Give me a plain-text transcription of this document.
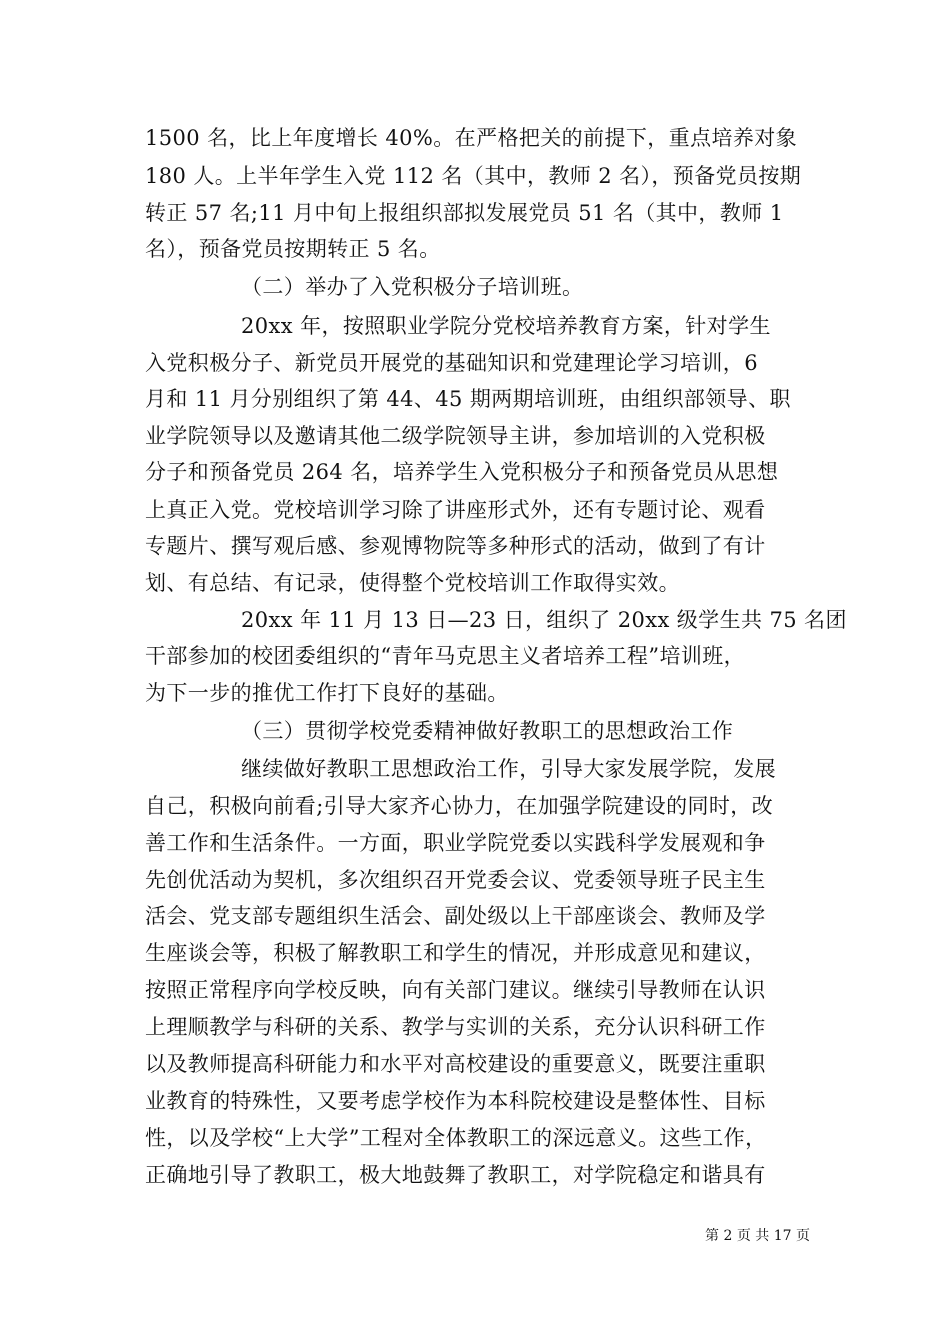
1500 名，比上年度增长 40%。在严格把关的前提下，重点培养对象
180 人。上半年学生入党 112 名（其中，教师 2 名），预备党员按期
转正 57 名;11 月中旬上报组织部拟发展党员 51 名（其中，教师 1
名），预备党员按期转正 5 名。
（二）举办了入党积极分子培训班。
20xx 年，按照职业学院分党校培养教育方案，针对学生
入党积极分子、新党员开展党的基础知识和党建理论学习培训，6
月和 11 月分别组织了第 44、45 期两期培训班，由组织部领导、职
业学院领导以及邀请其他二级学院领导主讲，参加培训的入党积极
分子和预备党员 264 名，培养学生入党积极分子和预备党员从思想
上真正入党。党校培训学习除了讲座形式外，还有专题讨论、观看
专题片、撰写观后感、参观博物院等多种形式的活动，做到了有计
划、有总结、有记录，使得整个党校培训工作取得实效。
20xx 年 11 月 13 日—23 日，组织了 20xx 级学生共 75 名团
干部参加的校团委组织的“青年马克思主义者培养工程”培训班，
为下一步的推优工作打下良好的基础。
（三）贯彻学校党委精神做好教职工的思想政治工作
继续做好教职工思想政治工作，引导大家发展学院，发展
自己，积极向前看;引导大家齐心协力，在加强学院建设的同时，改
善工作和生活条件。一方面，职业学院党委以实践科学发展观和争
先创优活动为契机，多次组织召开党委会议、党委领导班子民主生
活会、党支部专题组织生活会、副处级以上干部座谈会、教师及学
生座谈会等，积极了解教职工和学生的情况，并形成意见和建议，
按照正常程序向学校反映，向有关部门建议。继续引导教师在认识
上理顺教学与科研的关系、教学与实训的关系，充分认识科研工作
以及教师提高科研能力和水平对高校建设的重要意义，既要注重职
业教育的特殊性，又要考虑学校作为本科院校建设是整体性、目标
性，以及学校“上大学”工程对全体教职工的深远意义。这些工作，
正确地引导了教职工，极大地鼓舞了教职工，对学院稳定和谐具有
第 2 页 共 17 页
